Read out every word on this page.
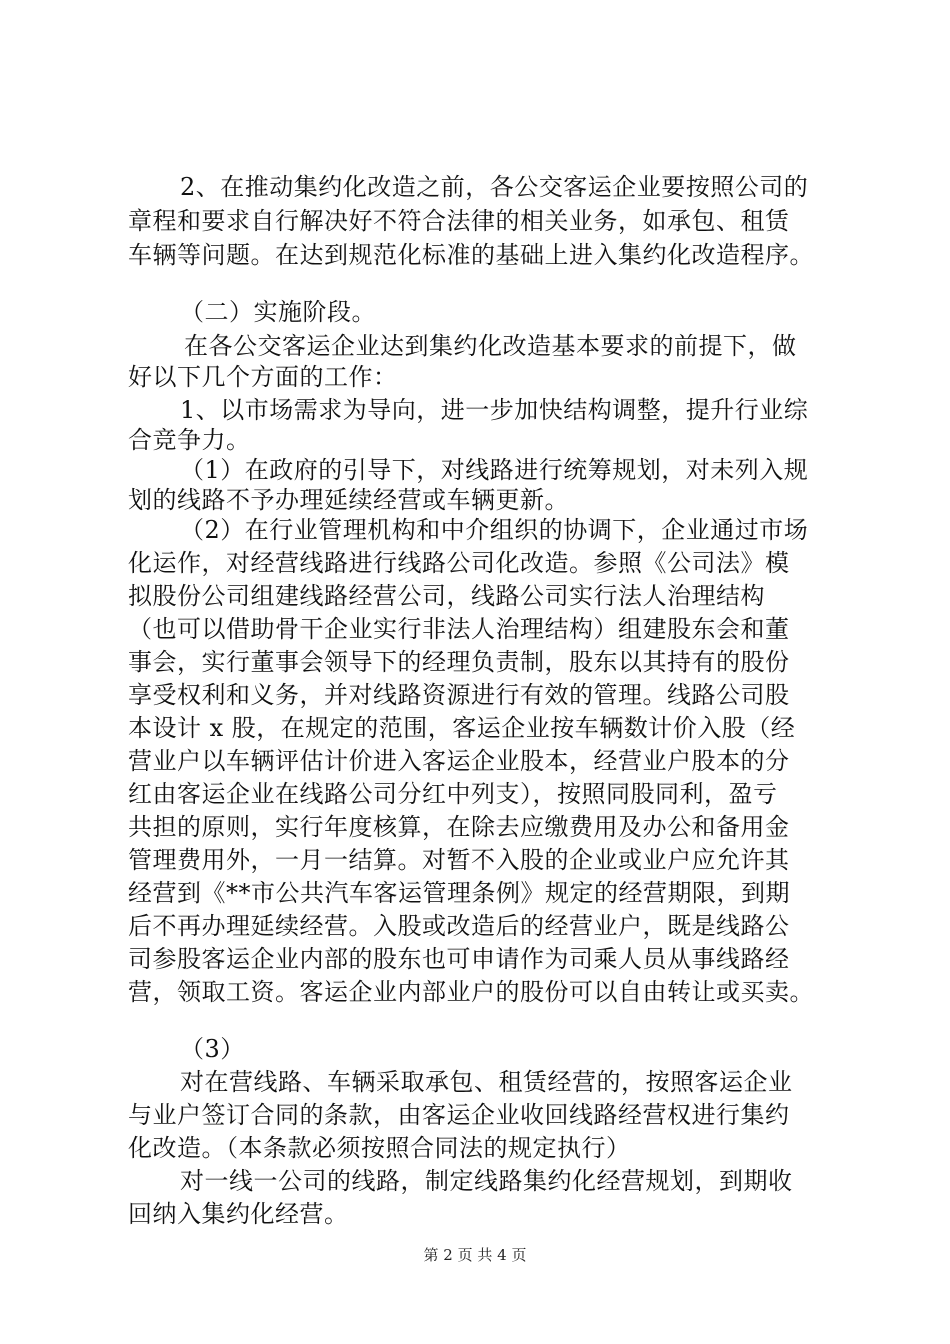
2、在推动集约化改造之前，各公交客运企业要按照公司的
章程和要求自行解决好不符合法律的相关业务，如承包、租赁
车辆等问题。在达到规范化标准的基础上进入集约化改造程序。
（二）实施阶段。
在各公交客运企业达到集约化改造基本要求的前提下，做
好以下几个方面的工作：
1、以市场需求为导向，进一步加快结构调整，提升行业综
合竞争力。
（1）在政府的引导下，对线路进行统筹规划，对未列入规
划的线路不予办理延续经营或车辆更新。
（2）在行业管理机构和中介组织的协调下，企业通过市场
化运作，对经营线路进行线路公司化改造。参照《公司法》模
拟股份公司组建线路经营公司，线路公司实行法人治理结构
（也可以借助骨干企业实行非法人治理结构）组建股东会和董
事会，实行董事会领导下的经理负责制，股东以其持有的股份
享受权利和义务，并对线路资源进行有效的管理。线路公司股
本设计 x 股，在规定的范围，客运企业按车辆数计价入股（经
营业户以车辆评估计价进入客运企业股本，经营业户股本的分
红由客运企业在线路公司分红中列支），按照同股同利，盈亏
共担的原则，实行年度核算，在除去应缴费用及办公和备用金
管理费用外，一月一结算。对暂不入股的企业或业户应允许其
经营到《**市公共汽车客运管理条例》规定的经营期限，到期
后不再办理延续经营。入股或改造后的经营业户，既是线路公
司参股客运企业内部的股东也可申请作为司乘人员从事线路经
营，领取工资。客运企业内部业户的股份可以自由转让或买卖。
（3）
对在营线路、车辆采取承包、租赁经营的，按照客运企业
与业户签订合同的条款，由客运企业收回线路经营权进行集约
化改造。（本条款必须按照合同法的规定执行）
对一线一公司的线路，制定线路集约化经营规划，到期收
回纳入集约化经营。
第 2 页 共 4 页
